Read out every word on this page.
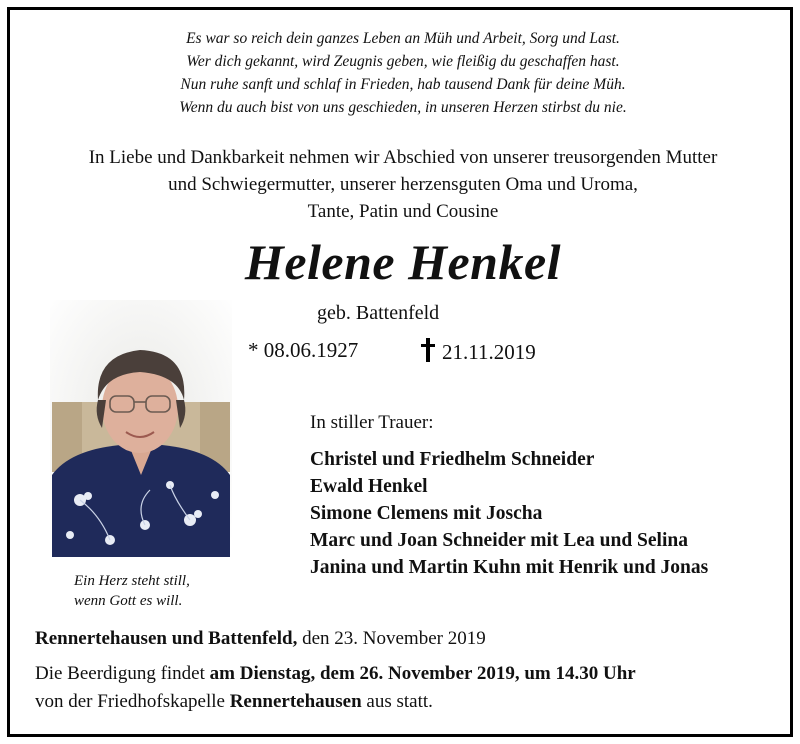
Es war so reich dein ganzes Leben an Müh und Arbeit, Sorg und Last.
Wer dich gekannt, wird Zeugnis geben, wie fleißig du geschaffen hast.
Nun ruhe sanft und schlaf in Frieden, hab tausend Dank für deine Müh.
Wenn du auch bist von uns geschieden, in unseren Herzen stirbst du nie.
In Liebe und Dankbarkeit nehmen wir Abschied von unserer treusorgenden Mutter
und Schwiegermutter, unserer herzensguten Oma und Uroma,
Tante, Patin und Cousine
Helene Henkel
geb. Battenfeld
* 08.06.1927	21.11.2019
Ein Herz steht still,
wenn Gott es will.
In stiller Trauer:
Christel und Friedhelm Schneider
Ewald Henkel
Simone Clemens mit Joscha
Marc und Joan Schneider mit Lea und Selina
Janina und Martin Kuhn mit Henrik und Jonas
Rennertehausen und Battenfeld, den 23. November 2019
Die Beerdigung findet am Dienstag, dem 26. November 2019, um 14.30 Uhr
von der Friedhofskapelle Rennertehausen aus statt.
